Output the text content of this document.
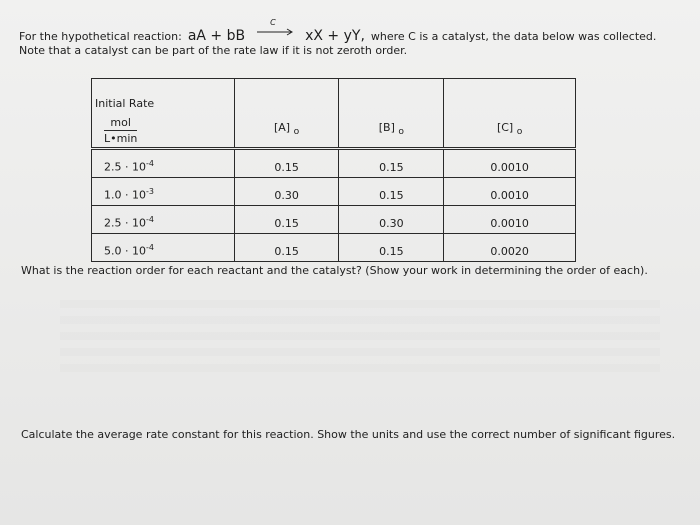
For the hypothetical reaction: aA + bB
C
xX + yY, where C is a catalyst, the data below was collected.
Note that a catalyst can be part of the rate law if it is not zeroth order.
Initial Rate
$\frac{\text{mol}}{L•\min}$	[A] $_o$	[B] $_o$	[C] $_o$
$2.5 \cdot 10^{-4}$	0.15	0.15	0.0010
$1.0 \cdot 10^{-3}$	0.30	0.15	0.0010
$2.5 \cdot 10^{-4}$	0.15	0.30	0.0010
$5.0 \cdot 10^{-4}$	0.15	0.15	0.0020
What is the reaction order for each reactant and the catalyst? (Show your work in determining the order of each).
Calculate the average rate constant for this reaction. Show the units and use the correct number of significant figures.
